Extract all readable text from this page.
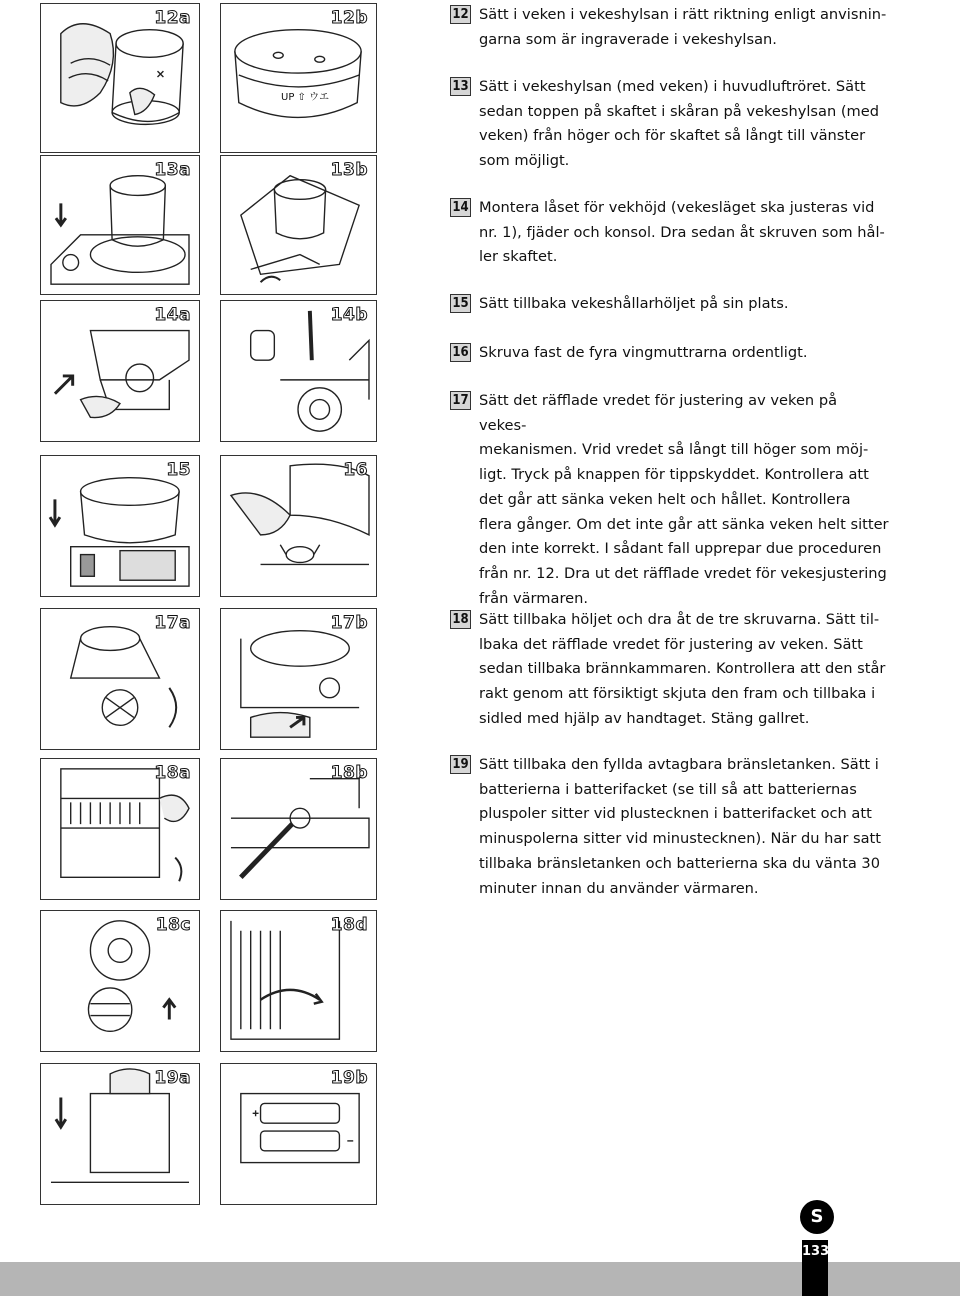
12a
UP ⇧ ウエ
12b
13a	13b
14a	14b
15	16
17a	17b
18a	18b
18c	18d
19a	19b
12 Sätt i veken i vekeshylsan i rätt riktning enligt anvisnin-
garna som är ingraverade i vekeshylsan.
13 Sätt i vekeshylsan (med veken) i huvudluftröret. Sätt
sedan toppen på skaftet i skåran på vekeshylsan (med
veken) från höger och för skaftet så långt till vänster
som möjligt.
14 Montera låset för vekhöjd (vekesläget ska justeras vid
nr. 1), fjäder och konsol. Dra sedan åt skruven som hål-
ler skaftet.
15 Sätt tillbaka vekeshållarhöljet på sin plats.
16 Skruva fast de fyra vingmuttrarna ordentligt.
17 Sätt det räfflade vredet för justering av veken på vekes-
mekanismen. Vrid vredet så långt till höger som möj-
ligt. Tryck på knappen för tippskyddet. Kontrollera att
det går att sänka veken helt och hållet. Kontrollera
flera gånger. Om det inte går att sänka veken helt sitter
den inte korrekt. I sådant fall upprepar due proceduren
från nr. 12. Dra ut det räfflade vredet för vekesjustering
från värmaren.
18 Sätt tillbaka höljet och dra åt de tre skruvarna. Sätt til-
lbaka det räfflade vredet för justering av veken. Sätt
sedan tillbaka brännkammaren. Kontrollera att den står
rakt genom att försiktigt skjuta den fram och tillbaka i
sidled med hjälp av handtaget. Stäng gallret.
19 Sätt tillbaka den fyllda avtagbara bränsletanken. Sätt i
batterierna i batterifacket (se till så att batteriernas
pluspoler sitter vid plustecknen i batterifacket och att
minuspolerna sitter vid minustecknen). När du har satt
tillbaka bränsletanken och batterierna ska du vänta 30
minuter innan du använder värmaren.
S
133
